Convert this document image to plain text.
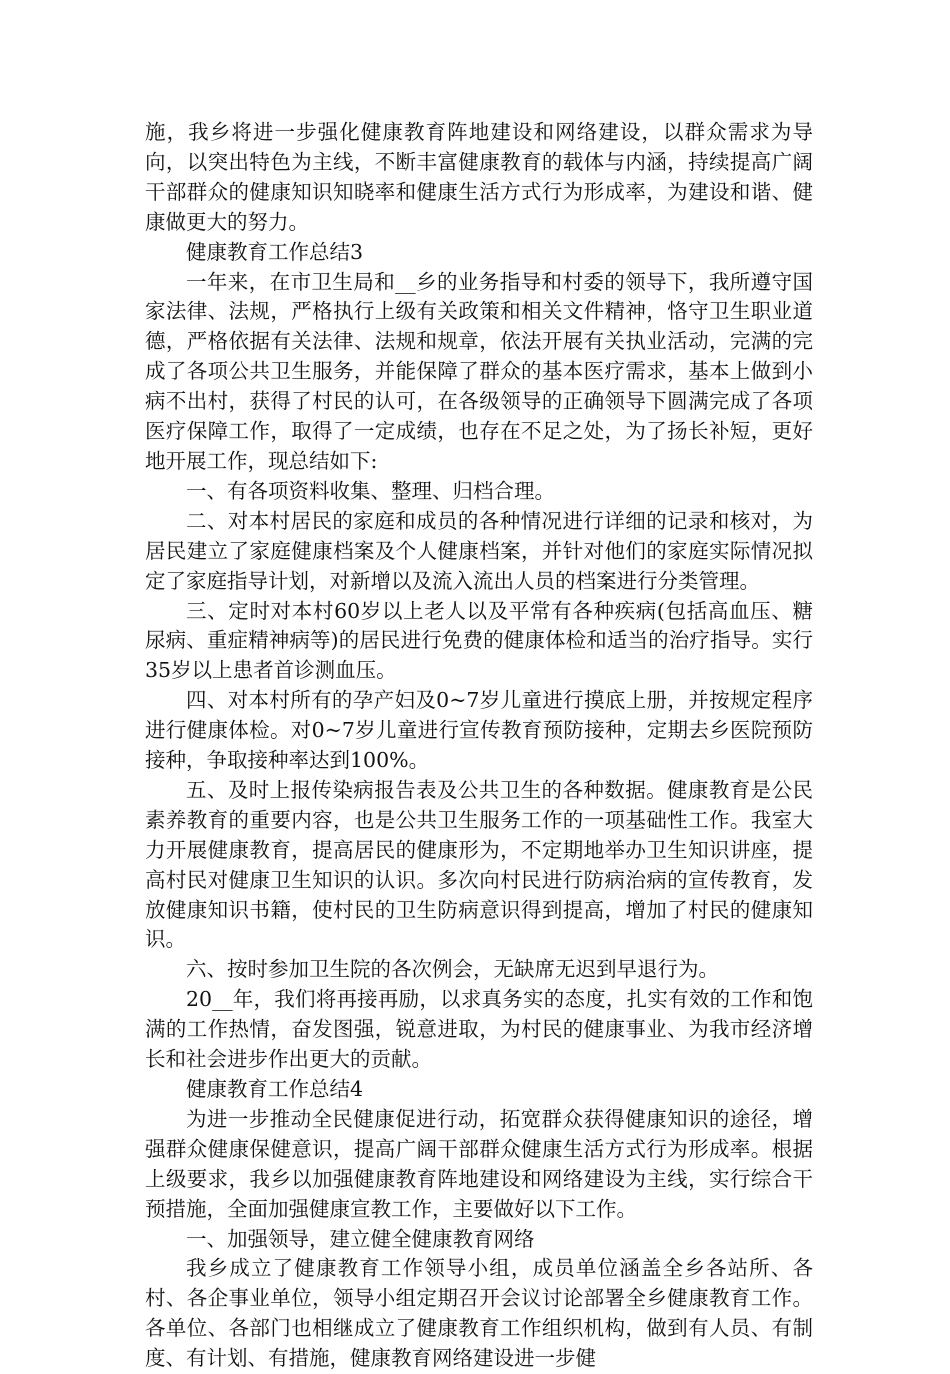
施，我乡将进一步强化健康教育阵地建设和网络建设，以群众需求为导向，以突出特色为主线，不断丰富健康教育的载体与内涵，持续提高广阔干部群众的健康知识知晓率和健康生活方式行为形成率，为建设和谐、健康做更大的努力。

健康教育工作总结3

一年来，在市卫生局和__乡的业务指导和村委的领导下，我所遵守国家法律、法规，严格执行上级有关政策和相关文件精神，恪守卫生职业道德，严格依据有关法律、法规和规章，依法开展有关执业活动，完满的完成了各项公共卫生服务，并能保障了群众的基本医疗需求，基本上做到小病不出村，获得了村民的认可，在各级领导的正确领导下圆满完成了各项医疗保障工作，取得了一定成绩，也存在不足之处，为了扬长补短，更好地开展工作，现总结如下:

一、有各项资料收集、整理、归档合理。

二、对本村居民的家庭和成员的各种情况进行详细的记录和核对，为居民建立了家庭健康档案及个人健康档案，并针对他们的家庭实际情况拟定了家庭指导计划，对新增以及流入流出人员的档案进行分类管理。

三、定时对本村60岁以上老人以及平常有各种疾病(包括高血压、糖尿病、重症精神病等)的居民进行免费的健康体检和适当的治疗指导。实行35岁以上患者首诊测血压。

四、对本村所有的孕产妇及0~7岁儿童进行摸底上册，并按规定程序进行健康体检。对0~7岁儿童进行宣传教育预防接种，定期去乡医院预防接种，争取接种率达到100%。

五、及时上报传染病报告表及公共卫生的各种数据。健康教育是公民素养教育的重要内容，也是公共卫生服务工作的一项基础性工作。我室大力开展健康教育，提高居民的健康形为，不定期地举办卫生知识讲座，提高村民对健康卫生知识的认识。多次向村民进行防病治病的宣传教育，发放健康知识书籍，使村民的卫生防病意识得到提高，增加了村民的健康知识。

六、按时参加卫生院的各次例会，无缺席无迟到早退行为。

20__年，我们将再接再励，以求真务实的态度，扎实有效的工作和饱满的工作热情，奋发图强，锐意进取，为村民的健康事业、为我市经济增长和社会进步作出更大的贡献。

健康教育工作总结4

为进一步推动全民健康促进行动，拓宽群众获得健康知识的途径，增强群众健康保健意识，提高广阔干部群众健康生活方式行为形成率。根据上级要求，我乡以加强健康教育阵地建设和网络建设为主线，实行综合干预措施，全面加强健康宣教工作，主要做好以下工作。

一、加强领导，建立健全健康教育网络

我乡成立了健康教育工作领导小组，成员单位涵盖全乡各站所、各村、各企事业单位，领导小组定期召开会议讨论部署全乡健康教育工作。各单位、各部门也相继成立了健康教育工作组织机构，做到有人员、有制度、有计划、有措施，健康教育网络建设进一步健
